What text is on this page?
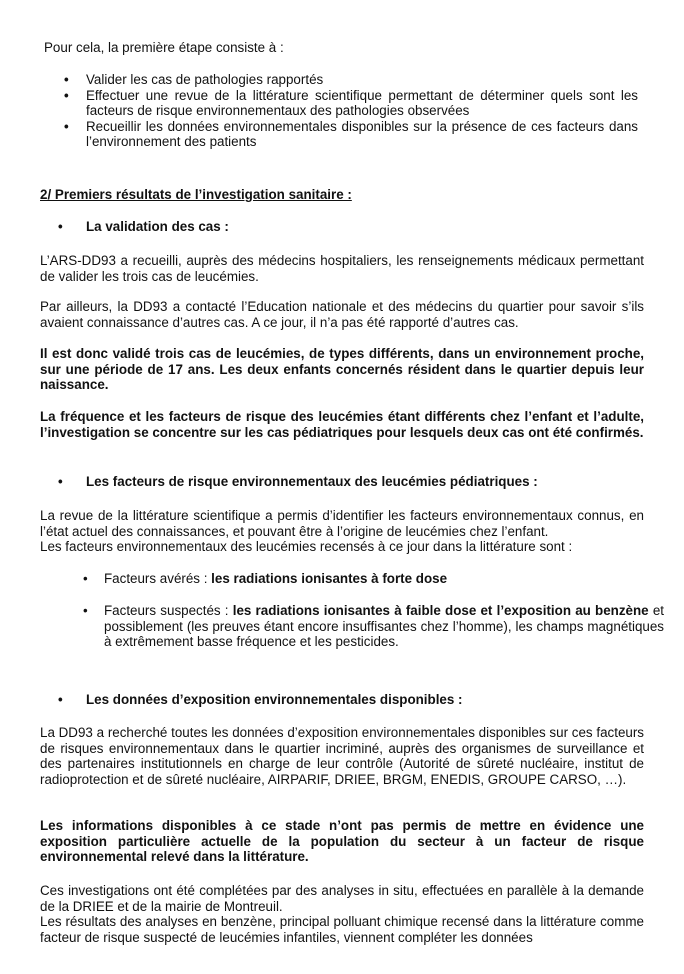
Pour cela, la première étape consiste à :

• Valider les cas de pathologies rapportés
• Effectuer une revue de la littérature scientifique permettant de déterminer quels sont les facteurs de risque environnementaux des pathologies observées
• Recueillir les données environnementales disponibles sur la présence de ces facteurs dans l’environnement des patients

2/ Premiers résultats de l’investigation sanitaire :

• La validation des cas :

L’ARS-DD93 a recueilli, auprès des médecins hospitaliers, les renseignements médicaux permettant de valider les trois cas de leucémies.

Par ailleurs, la DD93 a contacté l’Education nationale et des médecins du quartier pour savoir s’ils avaient connaissance d’autres cas. A ce jour, il n’a pas été rapporté d’autres cas.

Il est donc validé trois cas de leucémies, de types différents, dans un environnement proche, sur une période de 17 ans. Les deux enfants concernés résident dans le quartier depuis leur naissance.

La fréquence et les facteurs de risque des leucémies étant différents chez l’enfant et l’adulte, l’investigation se concentre sur les cas pédiatriques pour lesquels deux cas ont été confirmés.

• Les facteurs de risque environnementaux des leucémies pédiatriques :

La revue de la littérature scientifique a permis d’identifier les facteurs environnementaux connus, en l’état actuel des connaissances, et pouvant être à l’origine de leucémies chez l’enfant.

Les facteurs environnementaux des leucémies recensés à ce jour dans la littérature sont :

• Facteurs avérés : les radiations ionisantes à forte dose

• Facteurs suspectés : les radiations ionisantes à faible dose et l’exposition au benzène et possiblement (les preuves étant encore insuffisantes chez l’homme), les champs magnétiques à extrêmement basse fréquence et les pesticides.

• Les données d’exposition environnementales disponibles :

La DD93 a recherché toutes les données d’exposition environnementales disponibles sur ces facteurs de risques environnementaux dans le quartier incriminé, auprès des organismes de surveillance et des partenaires institutionnels en charge de leur contrôle (Autorité de sûreté nucléaire, institut de radioprotection et de sûreté nucléaire, AIRPARIF, DRIEE, BRGM, ENEDIS, GROUPE CARSO, …).

Les informations disponibles à ce stade n’ont pas permis de mettre en évidence une exposition particulière actuelle de la population du secteur à un facteur de risque environnemental relevé dans la littérature.

Ces investigations ont été complétées par des analyses in situ, effectuées en parallèle à la demande de la DRIEE et de la mairie de Montreuil.

Les résultats des analyses en benzène, principal polluant chimique recensé dans la littérature comme facteur de risque suspecté de leucémies infantiles, viennent compléter les données
